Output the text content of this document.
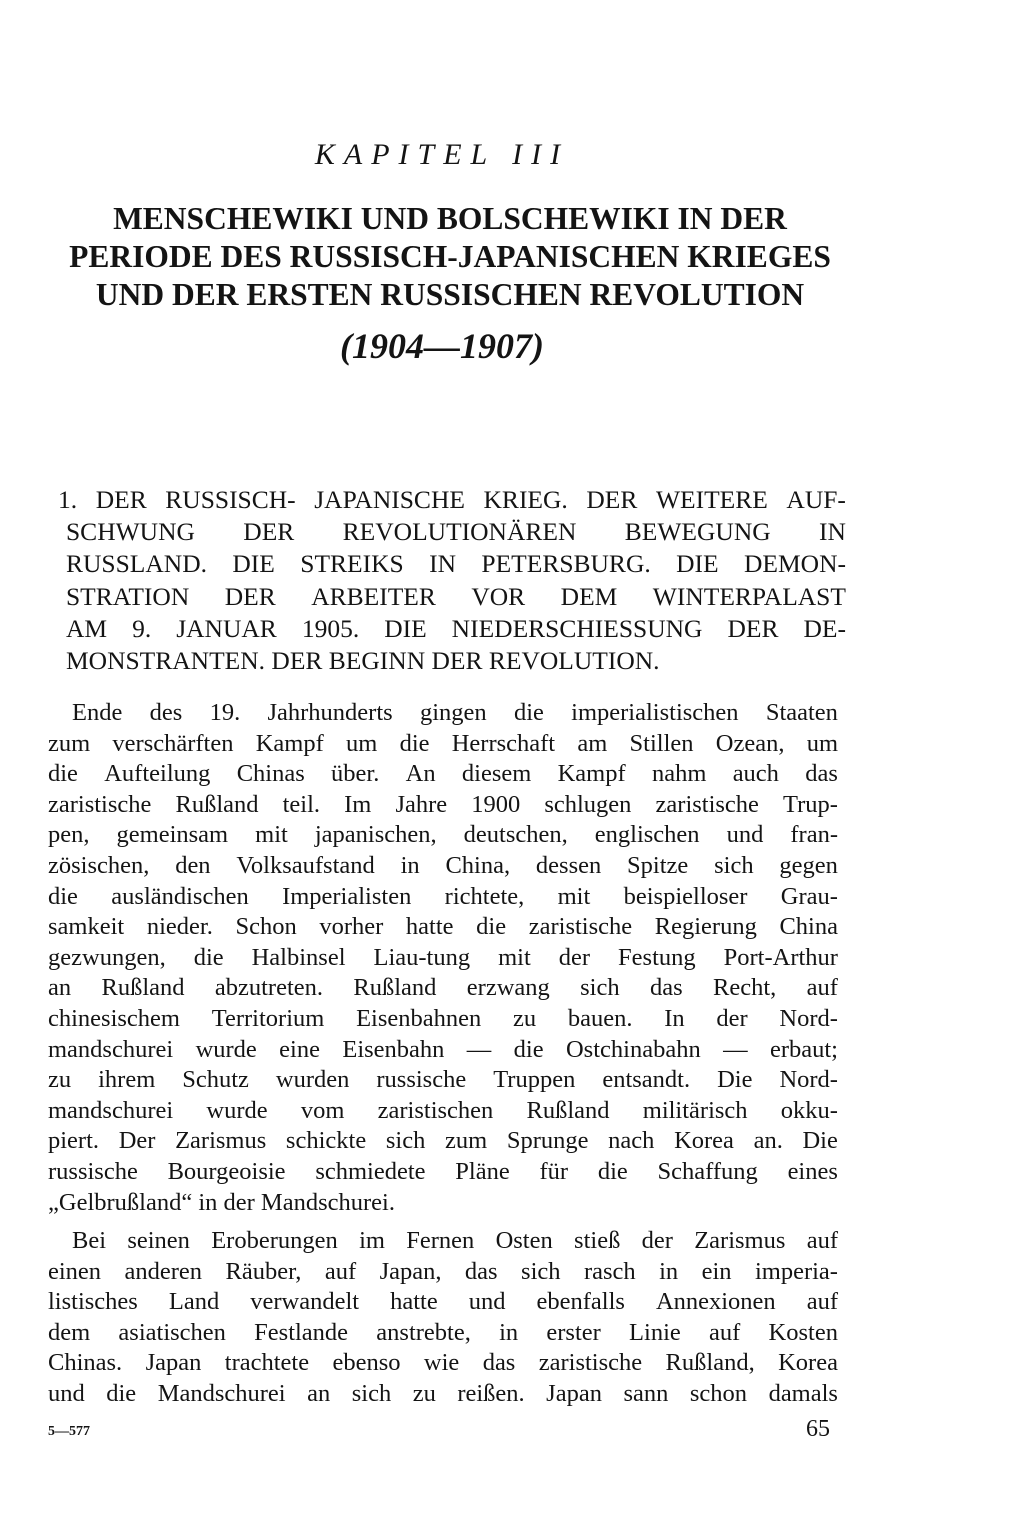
KAPITEL III
MENSCHEWIKI UND BOLSCHEWIKI IN DER
PERIODE DES RUSSISCH-JAPANISCHEN KRIEGES
UND DER ERSTEN RUSSISCHEN REVOLUTION
(1904—1907)
1. DER RUSSISCH- JAPANISCHE KRIEG. DER WEITERE AUF-
SCHWUNG DER REVOLUTIONÄREN BEWEGUNG IN
RUSSLAND. DIE STREIKS IN PETERSBURG. DIE DEMON-
STRATION DER ARBEITER VOR DEM WINTERPALAST
AM 9. JANUAR 1905. DIE NIEDERSCHIESSUNG DER DE-
MONSTRANTEN. DER BEGINN DER REVOLUTION.
Ende des 19. Jahrhunderts gingen die imperialistischen Staaten
zum verschärften Kampf um die Herrschaft am Stillen Ozean, um
die Aufteilung Chinas über. An diesem Kampf nahm auch das
zaristische Rußland teil. Im Jahre 1900 schlugen zaristische Trup-
pen, gemeinsam mit japanischen, deutschen, englischen und fran-
zösischen, den Volksaufstand in China, dessen Spitze sich gegen
die ausländischen Imperialisten richtete, mit beispielloser Grau-
samkeit nieder. Schon vorher hatte die zaristische Regierung China
gezwungen, die Halbinsel Liau-tung mit der Festung Port-Arthur
an Rußland abzutreten. Rußland erzwang sich das Recht, auf
chinesischem Territorium Eisenbahnen zu bauen. In der Nord-
mandschurei wurde eine Eisenbahn — die Ostchinabahn — erbaut;
zu ihrem Schutz wurden russische Truppen entsandt. Die Nord-
mandschurei wurde vom zaristischen Rußland militärisch okku-
piert. Der Zarismus schickte sich zum Sprunge nach Korea an. Die
russische Bourgeoisie schmiedete Pläne für die Schaffung eines
„Gelbrußland“ in der Mandschurei.
Bei seinen Eroberungen im Fernen Osten stieß der Zarismus auf
einen anderen Räuber, auf Japan, das sich rasch in ein imperia-
listisches Land verwandelt hatte und ebenfalls Annexionen auf
dem asiatischen Festlande anstrebte, in erster Linie auf Kosten
Chinas. Japan trachtete ebenso wie das zaristische Rußland, Korea
und die Mandschurei an sich zu reißen. Japan sann schon damals
5—577	65
